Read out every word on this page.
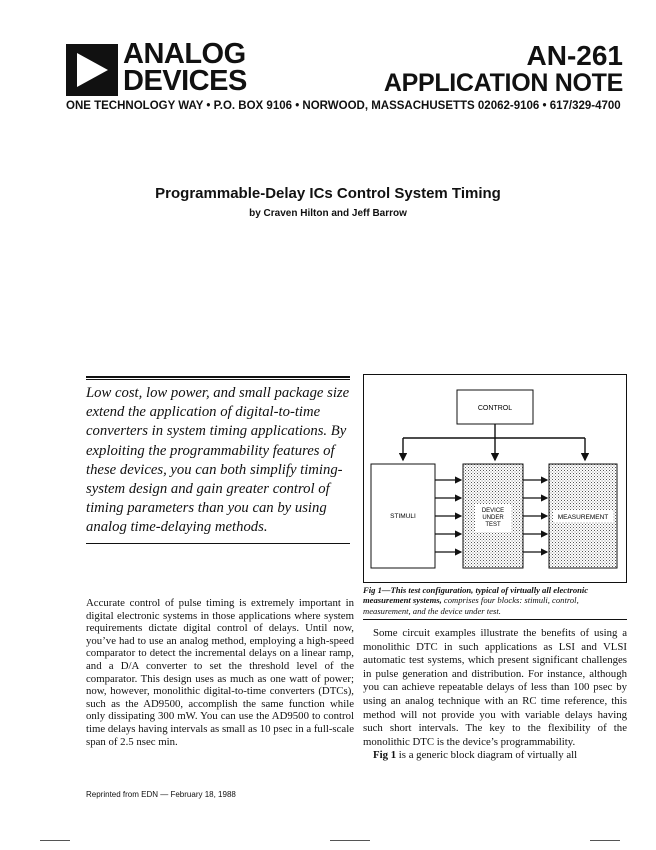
ANALOG
DEVICES
AN-261
APPLICATION NOTE
ONE TECHNOLOGY WAY • P.O. BOX 9106 • NORWOOD, MASSACHUSETTS 02062-9106 • 617/329-4700
Programmable-Delay ICs Control System Timing
by Craven Hilton and Jeff Barrow
Low cost, low power, and small package size extend the application of digital-to-time converters in system timing applications. By exploiting the programmability features of these devices, you can both simplify timing-system design and gain greater control of timing parameters than you can by using analog time-delaying methods.
Accurate control of pulse timing is extremely important in digital electronic systems in those applications where system requirements dictate digital control of delays. Until now, you’ve had to use an analog method, employing a high-speed comparator to detect the incremental delays on a linear ramp, and a D/A converter to set the threshold level of the comparator. This design uses as much as one watt of power; now, however, monolithic digital-to-time converters (DTCs), such as the AD9500, accomplish the same function while only dissipating 300 mW. You can use the AD9500 to control time delays having intervals as small as 10 psec in a full-scale span of 2.5 nsec min.
CONTROL
STIMULI
DEVICE
UNDER
TEST
MEASUREMENT
Fig 1—This test configuration, typical of virtually all electronic measurement systems, comprises four blocks: stimuli, control, measurement, and the device under test.

Some circuit examples illustrate the benefits of using a monolithic DTC in such applications as LSI and VLSI automatic test systems, which present significant challenges in pulse generation and distribution. For instance, although you can achieve repeatable delays of less than 100 psec by using an analog technique with an RC time reference, this method will not provide you with variable delays having such short intervals. The key to the flexibility of the monolithic DTC is the device’s programmability.

Fig 1 is a generic block diagram of virtually all

Reprinted from EDN — February 18, 1988
